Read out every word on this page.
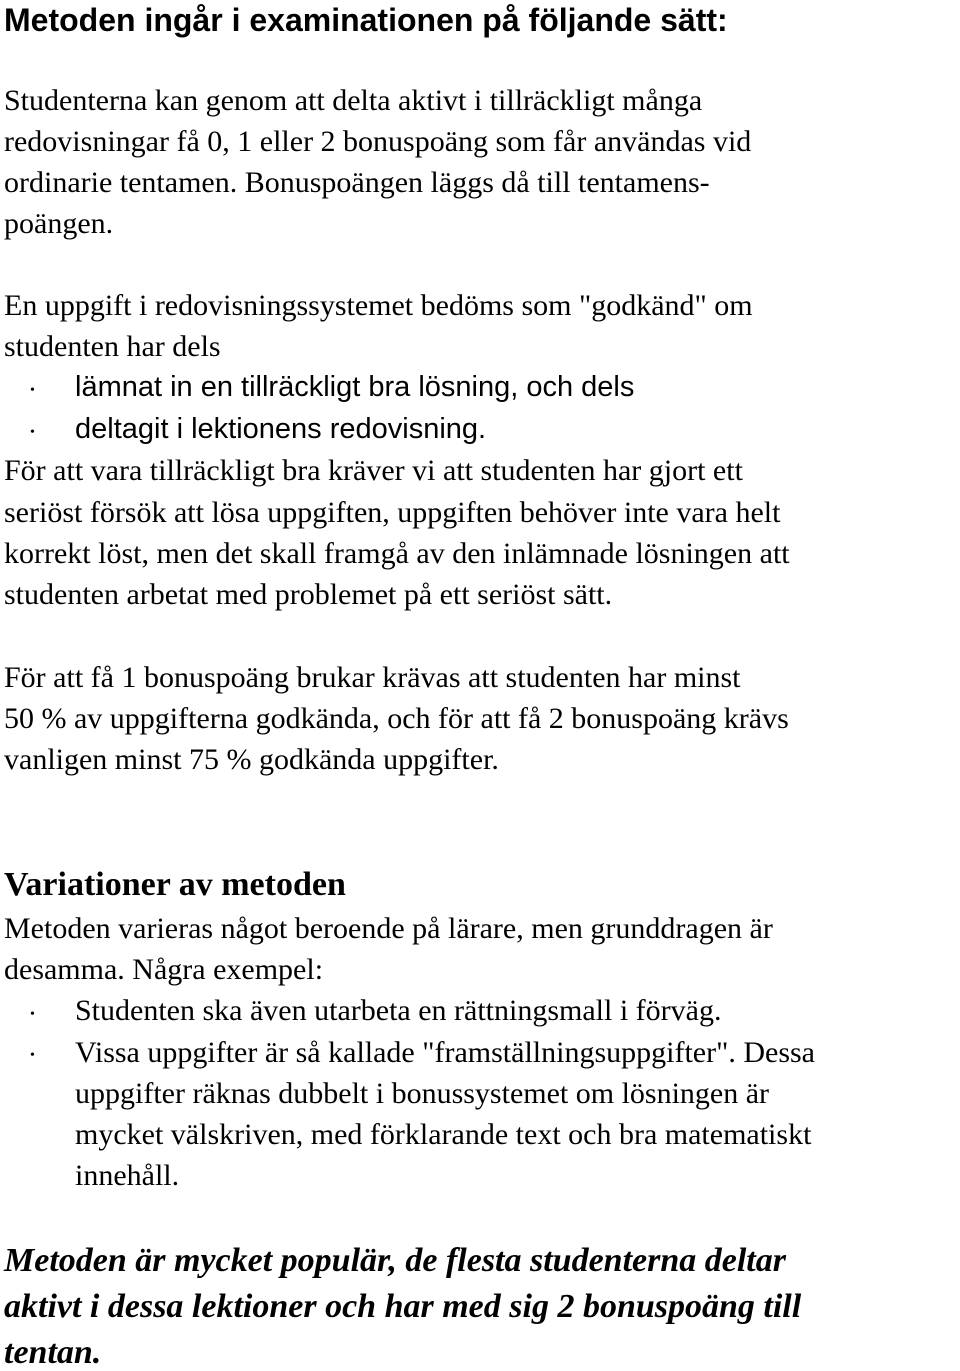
Metoden ingår i examinationen på följande sätt:
Studenterna kan genom att delta aktivt i tillräckligt många
redovisningar få 0, 1 eller 2 bonuspoäng som får användas vid
ordinarie tentamen. Bonuspoängen läggs då till tentamens-
poängen.
En uppgift i redovisningssystemet bedöms som "godkänd" om
studenten har dels
• lämnat in en tillräckligt bra lösning, och dels
• deltagit i lektionens redovisning.
För att vara tillräckligt bra kräver vi att studenten har gjort ett
seriöst försök att lösa uppgiften, uppgiften behöver inte vara helt
korrekt löst, men det skall framgå av den inlämnade lösningen att
studenten arbetat med problemet på ett seriöst sätt.
För att få 1 bonuspoäng brukar krävas att studenten har minst
50 % av uppgifterna godkända, och för att få 2 bonuspoäng krävs
vanligen minst 75 % godkända uppgifter.
Variationer av metoden
Metoden varieras något beroende på lärare, men grunddragen är
desamma. Några exempel:
• Studenten ska även utarbeta en rättningsmall i förväg.
• Vissa uppgifter är så kallade "framställningsuppgifter". Dessa
uppgifter räknas dubbelt i bonussystemet om lösningen är
mycket välskriven, med förklarande text och bra matematiskt
innehåll.
Metoden är mycket populär, de flesta studenterna deltar
aktivt i dessa lektioner och har med sig 2 bonuspoäng till
tentan.
